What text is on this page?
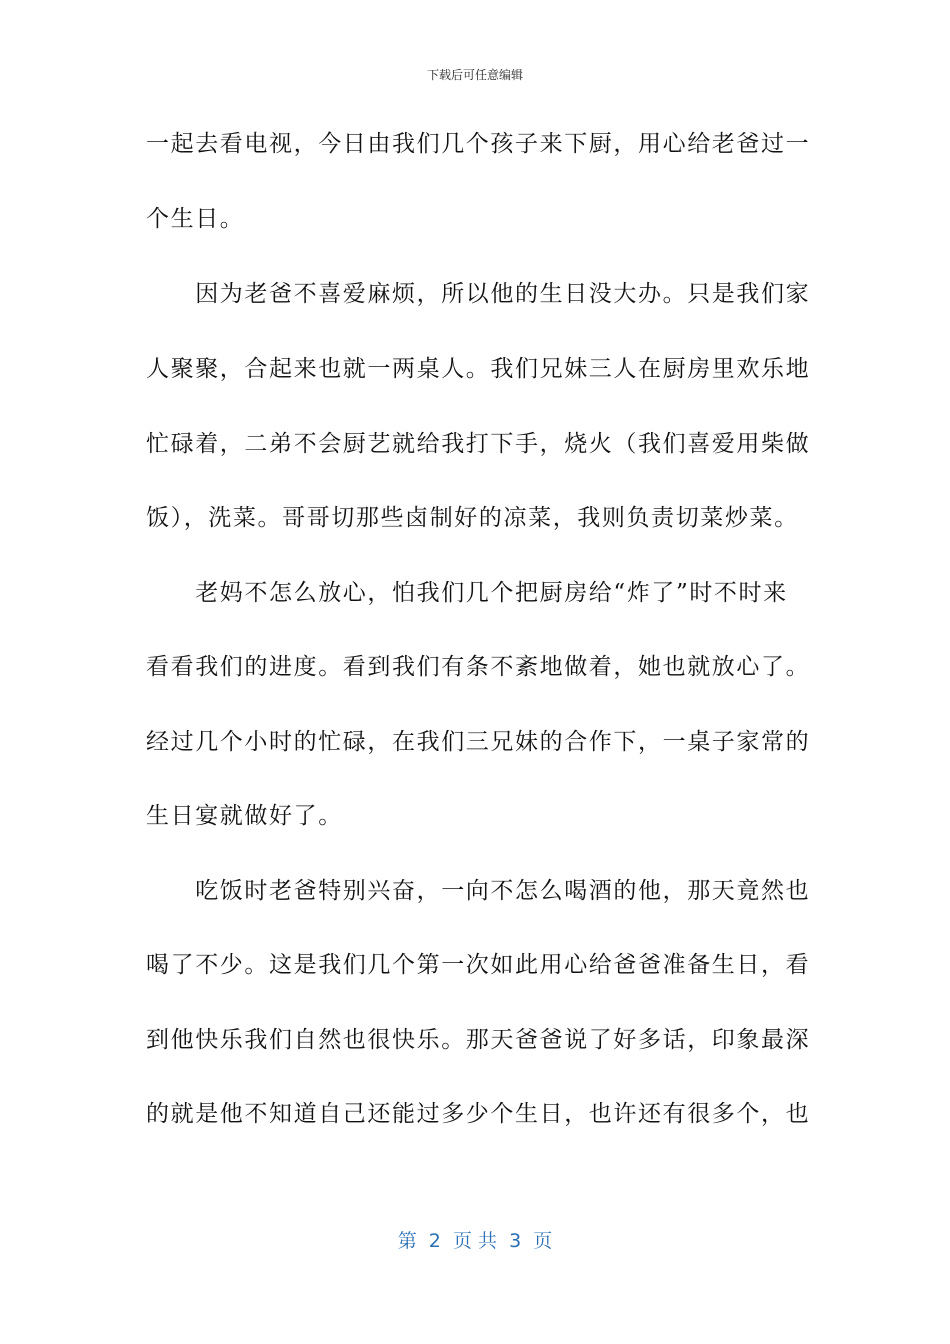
下载后可任意编辑
一起去看电视，今日由我们几个孩子来下厨，用心给老爸过一
个生日。
　　因为老爸不喜爱麻烦，所以他的生日没大办。只是我们家
人聚聚，合起来也就一两桌人。我们兄妹三人在厨房里欢乐地
忙碌着，二弟不会厨艺就给我打下手，烧火（我们喜爱用柴做
饭），洗菜。哥哥切那些卤制好的凉菜，我则负责切菜炒菜。
　　老妈不怎么放心，怕我们几个把厨房给“炸了”时不时来
看看我们的进度。看到我们有条不紊地做着，她也就放心了。
经过几个小时的忙碌，在我们三兄妹的合作下，一桌子家常的
生日宴就做好了。
　　吃饭时老爸特别兴奋，一向不怎么喝酒的他，那天竟然也
喝了不少。这是我们几个第一次如此用心给爸爸准备生日，看
到他快乐我们自然也很快乐。那天爸爸说了好多话，印象最深
的就是他不知道自己还能过多少个生日，也许还有很多个，也
第  2  页 共  3  页
